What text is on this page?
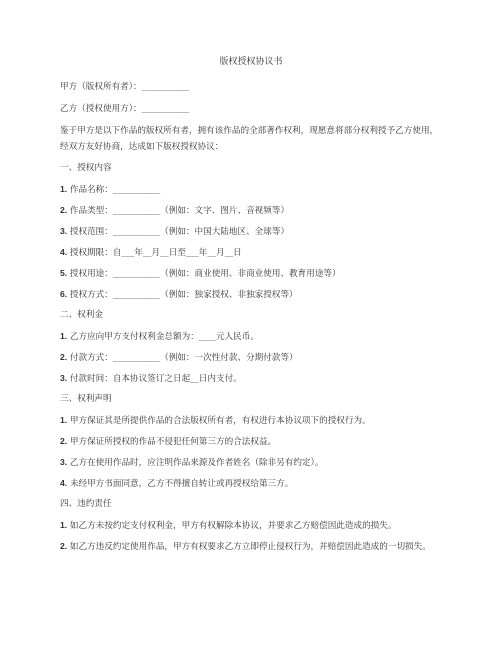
版权授权协议书
甲方（版权所有者）：___________
乙方（授权使用方）：___________
鉴于甲方是以下作品的版权所有者，拥有该作品的全部著作权利，现愿意将部分权利授予乙方使用，经双方友好协商，达成如下版权授权协议：
一、授权内容
1. 作品名称：___________
2. 作品类型：___________（例如：文字、图片、音视频等）
3. 授权范围：___________（例如：中国大陆地区、全球等）
4. 授权期限：自___年__月__日至___年__月__日
5. 授权用途：___________（例如：商业使用、非商业使用、教育用途等）
6. 授权方式：___________（例如：独家授权、非独家授权等）
二、权利金
1. 乙方应向甲方支付权利金总额为：____元人民币。
2. 付款方式：___________（例如：一次性付款、分期付款等）
3. 付款时间：自本协议签订之日起__日内支付。
三、权利声明
1. 甲方保证其是所提供作品的合法版权所有者，有权进行本协议项下的授权行为。
2. 甲方保证所授权的作品不侵犯任何第三方的合法权益。
3. 乙方在使用作品时，应注明作品来源及作者姓名（除非另有约定）。
4. 未经甲方书面同意，乙方不得擅自转让或再授权给第三方。
四、违约责任
1. 如乙方未按约定支付权利金，甲方有权解除本协议，并要求乙方赔偿因此造成的损失。
2. 如乙方违反约定使用作品，甲方有权要求乙方立即停止侵权行为，并赔偿因此造成的一切损失。
